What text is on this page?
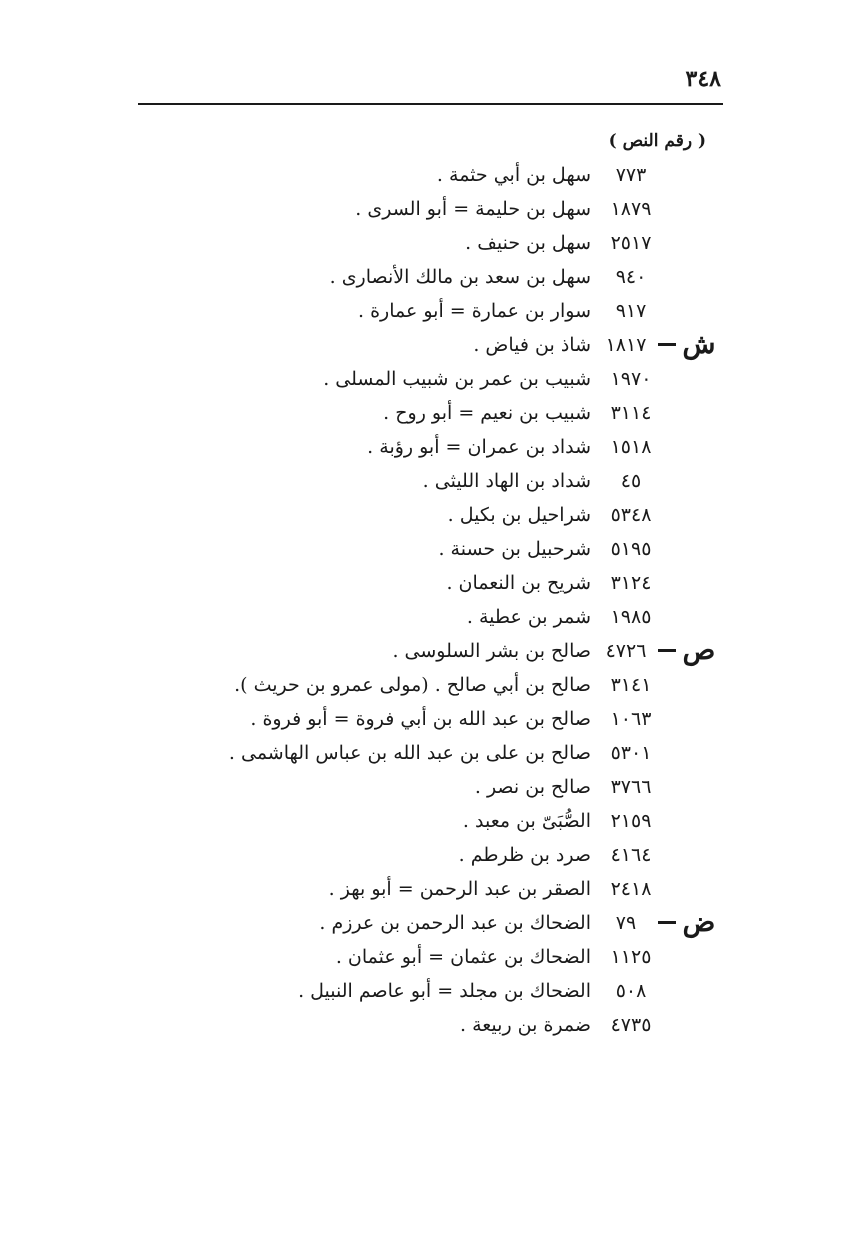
٣٤٨
( رقم النص )
٧٧٣
سهل بن أبي حثمة .
١٨٧٩
سهل بن حليمة = أبو السرى .
٢٥١٧
سهل بن حنيف .
٩٤٠
سهل بن سعد بن مالك الأنصارى .
٩١٧
سوار بن عمارة = أبو عمارة .
ش
١٨١٧
شاذ بن فياض .
١٩٧٠
شبيب بن عمر بن شبيب المسلى .
٣١١٤
شبيب بن نعيم = أبو روح .
١٥١٨
شداد بن عمران = أبو رؤبة .
٤٥
شداد بن الهاد الليثى .
٥٣٤٨
شراحيل بن بكيل .
٥١٩٥
شرحبيل بن حسنة .
٣١٢٤
شريح بن النعمان .
١٩٨٥
شمر بن عطية .
ص
٤٧٢٦
صالح بن بشر السلوسى .
٣١٤١
صالح بن أبي صالح . (مولى عمرو بن حريث ).
١٠٦٣
صالح بن عبد الله بن أبي فروة = أبو فروة .
٥٣٠١
صالح بن على بن عبد الله بن عباس الهاشمى .
٣٧٦٦
صالح بن نصر .
٢١٥٩
الصُّبَىّ بن معبد .
٤١٦٤
صرد بن ظرطم .
٢٤١٨
الصقر بن عبد الرحمن = أبو بهز .
ض
٧٩
الضحاك بن عبد الرحمن بن عرزم .
١١٢٥
الضحاك بن عثمان = أبو عثمان .
٥٠٨
الضحاك بن مجلد = أبو عاصم النبيل .
٤٧٣٥
ضمرة بن ربيعة .
